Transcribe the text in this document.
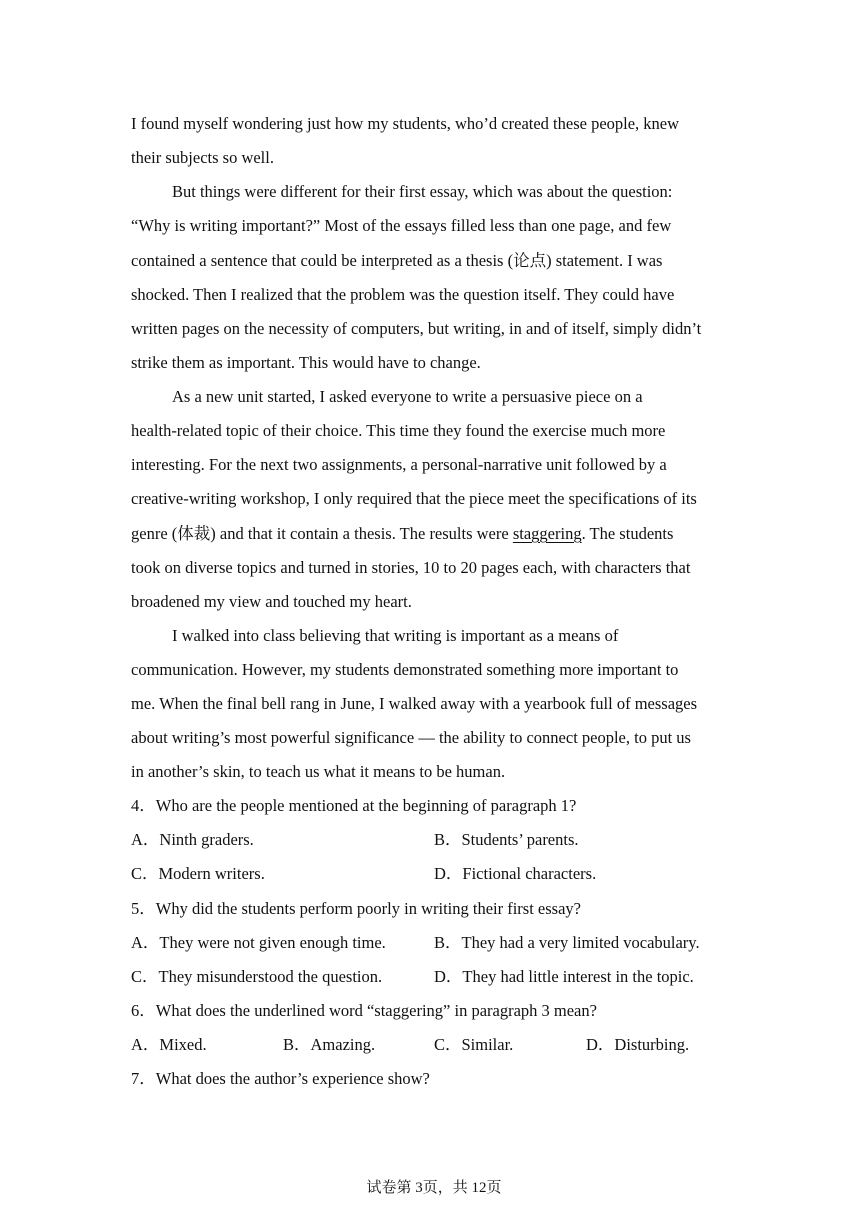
I found myself wondering just how my students, who’d created these people, knew
their subjects so well.
But things were different for their first essay, which was about the question:
“Why is writing important?” Most of the essays filled less than one page, and few
contained a sentence that could be interpreted as a thesis (论点) statement. I was
shocked. Then I realized that the problem was the question itself. They could have
written pages on the necessity of computers, but writing, in and of itself, simply didn’t
strike them as important. This would have to change.
As a new unit started, I asked everyone to write a persuasive piece on a
health-related topic of their choice. This time they found the exercise much more
interesting. For the next two assignments, a personal-narrative unit followed by a
creative-writing workshop, I only required that the piece meet the specifications of its
genre (体裁) and that it contain a thesis. The results were staggering. The students
took on diverse topics and turned in stories, 10 to 20 pages each, with characters that
broadened my view and touched my heart.
I walked into class believing that writing is important as a means of
communication. However, my students demonstrated something more important to
me. When the final bell rang in June, I walked away with a yearbook full of messages
about writing’s most powerful significance — the ability to connect people, to put us
in another’s skin, to teach us what it means to be human.
4．Who are the people mentioned at the beginning of paragraph 1?
A．Ninth graders.	B．Students’ parents.
C．Modern writers.	D．Fictional characters.
5．Why did the students perform poorly in writing their first essay?
A．They were not given enough time.	B．They had a very limited vocabulary.
C．They misunderstood the question.	D．They had little interest in the topic.
6．What does the underlined word “staggering” in paragraph 3 mean?
A．Mixed.	B．Amazing.	C．Similar.	D．Disturbing.
7．What does the author’s experience show?
试卷第 3页，共 12页
